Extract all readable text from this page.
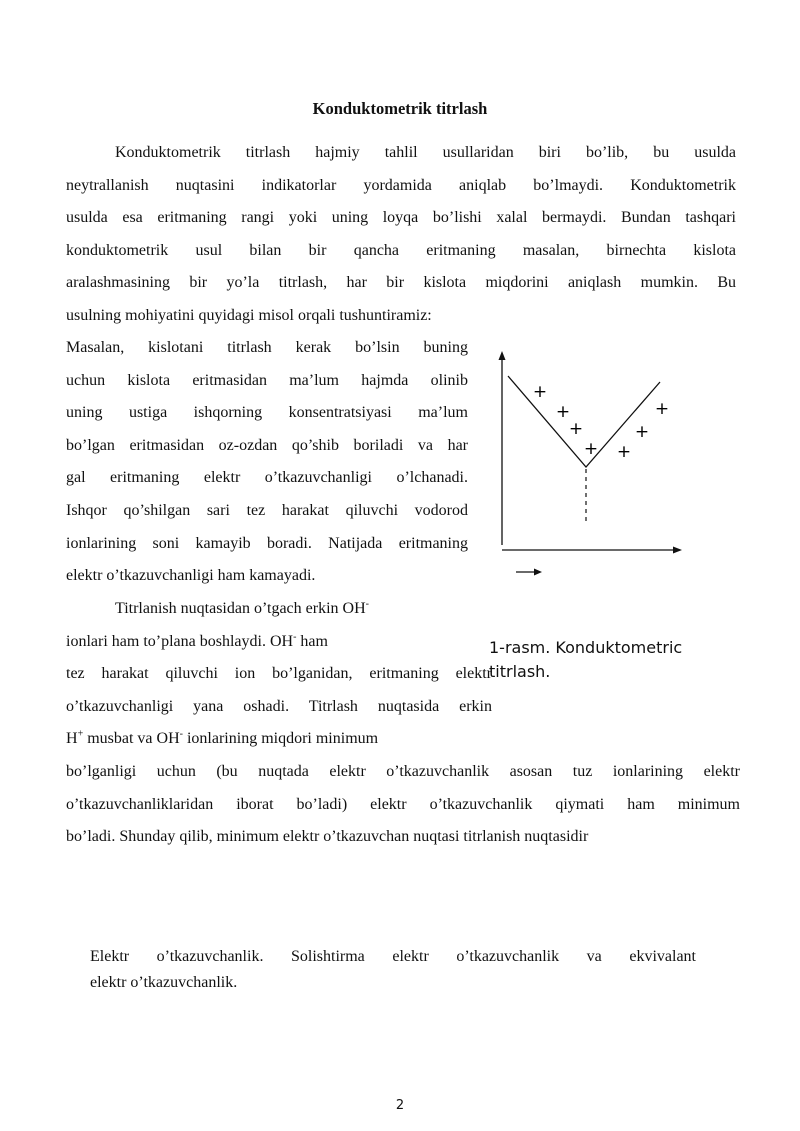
Konduktometrik titrlash
Konduktometrik titrlash hajmiy tahlil usullaridan biri bo’lib, bu usulda
neytrallanish nuqtasini indikatorlar yordamida aniqlab bo’lmaydi. Konduktometrik
usulda esa eritmaning rangi yoki uning loyqa bo’lishi xalal bermaydi. Bundan tashqari
konduktometrik usul bilan bir qancha eritmaning masalan, birnechta kislota
aralashmasining bir yo’la titrlash, har bir kislota miqdorini aniqlash mumkin. Bu
usulning mohiyatini quyidagi misol orqali tushuntiramiz:
Masalan, kislotani titrlash kerak bo’lsin buning
uchun kislota eritmasidan ma’lum hajmda olinib
uning ustiga ishqorning konsentratsiyasi ma’lum
bo’lgan eritmasidan oz-ozdan qo’shib boriladi va har
gal eritmaning elektr o’tkazuvchanligi o’lchanadi.
Ishqor qo’shilgan sari tez harakat qiluvchi vodorod
ionlarining soni kamayib boradi. Natijada eritmaning
elektr o’tkazuvchanligi ham kamayadi.
Titrlanish nuqtasidan o’tgach erkin OH-
ionlari ham to’plana boshlaydi. OH- ham
tez harakat qiluvchi ion bo’lganidan, eritmaning elektr
o’tkazuvchanligi yana oshadi. Titrlash nuqtasida erkin
H+ musbat va OH- ionlarining miqdori minimum
bo’lganligi uchun (bu nuqtada elektr o’tkazuvchanlik asosan tuz ionlarining elektr
o’tkazuvchanliklaridan iborat bo’ladi) elektr o’tkazuvchanlik qiymati ham minimum
bo’ladi. Shunday qilib, minimum elektr o’tkazuvchan nuqtasi titrlanish nuqtasidir
+
+
+
+ +
+
+
1-rasm. Konduktometric titrlash.
Elektr o’tkazuvchanlik. Solishtirma elektr o’tkazuvchanlik va ekvivalant
elektr o’tkazuvchanlik.
2
